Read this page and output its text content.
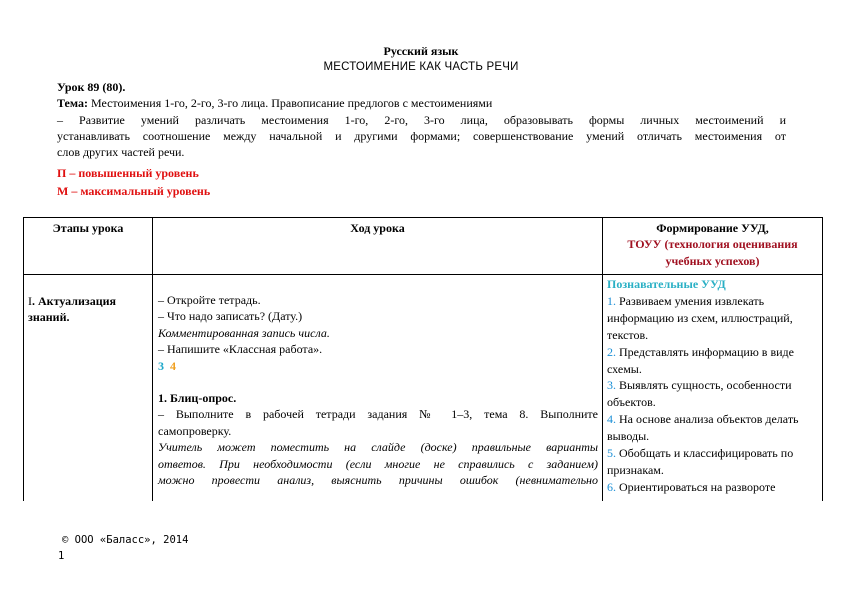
Русский язык
МЕСТОИМЕНИЕ КАК ЧАСТЬ РЕЧИ
Урок 89 (80).
Тема: Местоимения 1-го, 2-го, 3-го лица. Правописание предлогов с местоимениями
– Развитие умений различать местоимения 1-го, 2-го, 3-го лица, образовывать формы личных местоимений и
устанавливать соотношение между начальной и другими формами; совершенствование умений отличать местоимения от
слов других частей речи.
П – повышенный уровень
М – максимальный уровень
Этапы урока	Ход урока	Формирование УУД,
ТОУУ (технология оценивания
учебных успехов)
I. Актуализация
знаний.
– Откройте тетрадь.
– Что надо записать? (Дату.)
Комментированная запись числа.
– Напишите «Классная работа».
3 4
1. Блиц-опрос.
– Выполните в рабочей тетради задания № 1–3, тема 8. Выполните
самопроверку.
Учитель может поместить на слайде (доске) правильные варианты
ответов. При необходимости (если многие не справились с заданием)
можно провести анализ, выяснить причины ошибок (невнимательно
Познавательные УУД
1. Развиваем умения извлекать
информацию из схем, иллюстраций,
текстов.
2. Представлять информацию в виде
схемы.
3. Выявлять сущность, особенности
объектов.
4. На основе анализа объектов делать
выводы.
5. Обобщать и классифицировать по
признакам.
6. Ориентироваться на развороте
© ООО «Баласс», 2014
1
